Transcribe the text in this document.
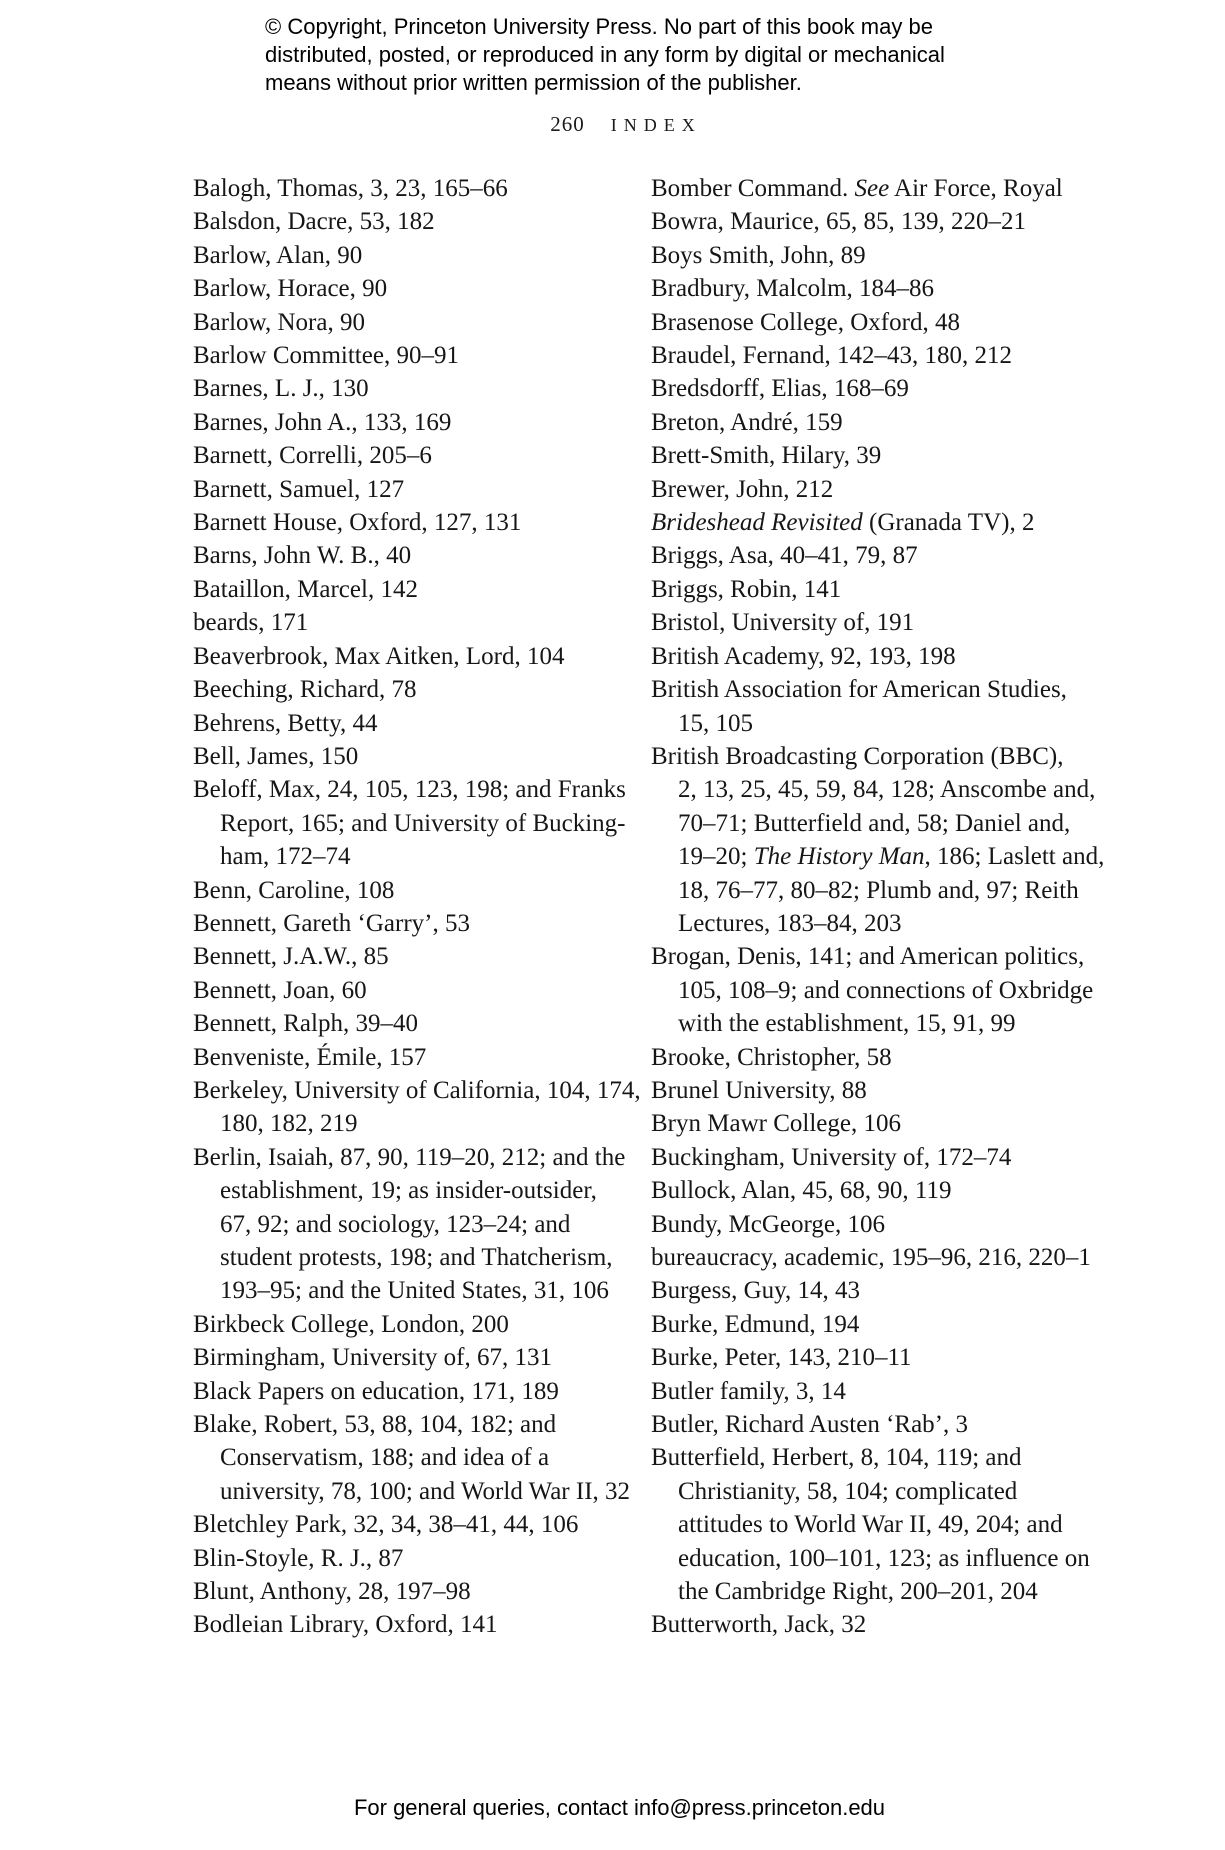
© Copyright, Princeton University Press. No part of this book may be
distributed, posted, or reproduced in any form by digital or mechanical
means without prior written permission of the publisher.
260 INDEX
Balogh, Thomas, 3, 23, 165–66
Balsdon, Dacre, 53, 182
Barlow, Alan, 90
Barlow, Horace, 90
Barlow, Nora, 90
Barlow Committee, 90–91
Barnes, L. J., 130
Barnes, John A., 133, 169
Barnett, Correlli, 205–6
Barnett, Samuel, 127
Barnett House, Oxford, 127, 131
Barns, John W. B., 40
Bataillon, Marcel, 142
beards, 171
Beaverbrook, Max Aitken, Lord, 104
Beeching, Richard, 78
Behrens, Betty, 44
Bell, James, 150
Beloff, Max, 24, 105, 123, 198; and Franks
Report, 165; and University of Bucking-
ham, 172–74
Benn, Caroline, 108
Bennett, Gareth ‘Garry’, 53
Bennett, J.A.W., 85
Bennett, Joan, 60
Bennett, Ralph, 39–40
Benveniste, Émile, 157
Berkeley, University of California, 104, 174,
180, 182, 219
Berlin, Isaiah, 87, 90, 119–20, 212; and the
establishment, 19; as insider-outsider,
67, 92; and sociology, 123–24; and
student protests, 198; and Thatcherism,
193–95; and the United States, 31, 106
Birkbeck College, London, 200
Birmingham, University of, 67, 131
Black Papers on education, 171, 189
Blake, Robert, 53, 88, 104, 182; and
Conservatism, 188; and idea of a
university, 78, 100; and World War II, 32
Bletchley Park, 32, 34, 38–41, 44, 106
Blin-Stoyle, R. J., 87
Blunt, Anthony, 28, 197–98
Bodleian Library, Oxford, 141
Bomber Command. See Air Force, Royal
Bowra, Maurice, 65, 85, 139, 220–21
Boys Smith, John, 89
Bradbury, Malcolm, 184–86
Brasenose College, Oxford, 48
Braudel, Fernand, 142–43, 180, 212
Bredsdorff, Elias, 168–69
Breton, André, 159
Brett-Smith, Hilary, 39
Brewer, John, 212
Brideshead Revisited (Granada TV), 2
Briggs, Asa, 40–41, 79, 87
Briggs, Robin, 141
Bristol, University of, 191
British Academy, 92, 193, 198
British Association for American Studies,
15, 105
British Broadcasting Corporation (BBC),
2, 13, 25, 45, 59, 84, 128; Anscombe and,
70–71; Butterfield and, 58; Daniel and,
19–20; The History Man, 186; Laslett and,
18, 76–77, 80–82; Plumb and, 97; Reith
Lectures, 183–84, 203
Brogan, Denis, 141; and American politics,
105, 108–9; and connections of Oxbridge
with the establishment, 15, 91, 99
Brooke, Christopher, 58
Brunel University, 88
Bryn Mawr College, 106
Buckingham, University of, 172–74
Bullock, Alan, 45, 68, 90, 119
Bundy, McGeorge, 106
bureaucracy, academic, 195–96, 216, 220–1
Burgess, Guy, 14, 43
Burke, Edmund, 194
Burke, Peter, 143, 210–11
Butler family, 3, 14
Butler, Richard Austen ‘Rab’, 3
Butterfield, Herbert, 8, 104, 119; and
Christianity, 58, 104; complicated
attitudes to World War II, 49, 204; and
education, 100–101, 123; as influence on
the Cambridge Right, 200–201, 204
Butterworth, Jack, 32
For general queries, contact info@press.princeton.edu
